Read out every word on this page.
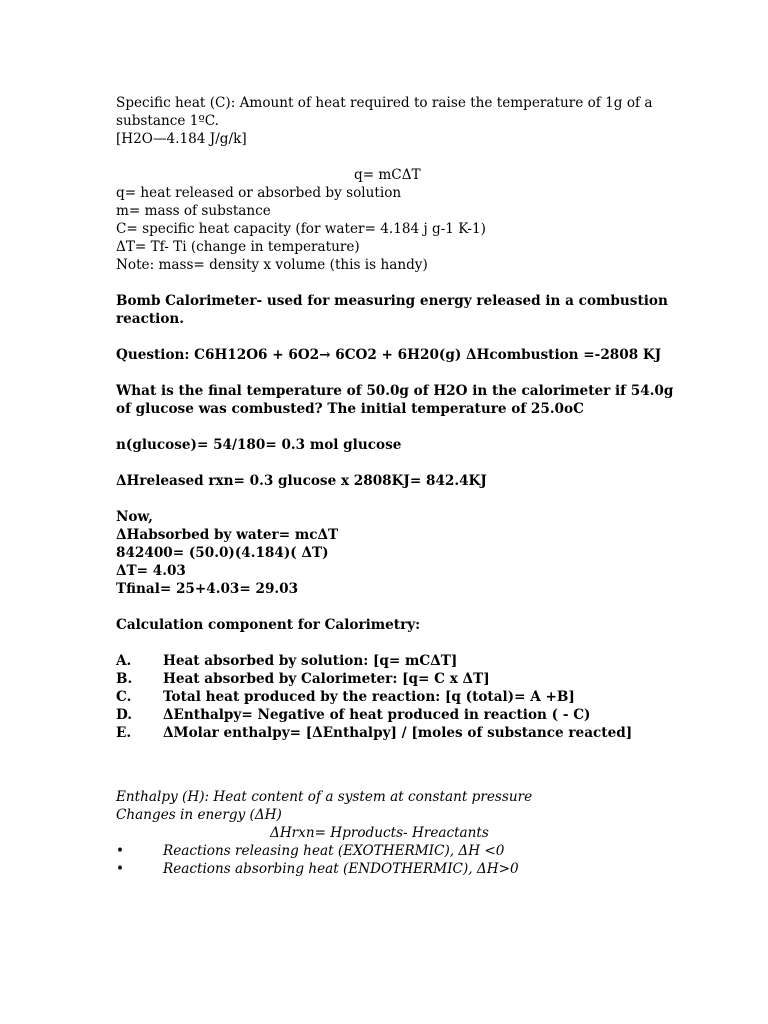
Specific heat (C): Amount of heat required to raise the temperature of 1g of a substance 1ºC.
[H2O—4.184 J/g/k]
q= mCΔT
q= heat released or absorbed by solution
m= mass of substance
C= specific heat capacity (for water= 4.184 j g-1 K-1)
ΔT= Tf- Ti (change in temperature)
Note: mass= density x volume (this is handy)
Bomb Calorimeter- used for measuring energy released in a combustion reaction.
Question: C6H12O6 + 6O2→ 6CO2 + 6H20(g) ΔHcombustion =-2808 KJ
What is the final temperature of 50.0g of H2O in the calorimeter if 54.0g of glucose was combusted? The initial temperature of 25.0oC
n(glucose)= 54/180= 0.3 mol glucose
ΔHreleased rxn= 0.3 glucose x 2808KJ= 842.4KJ
Now,
ΔHabsorbed by water= mcΔT
842400= (50.0)(4.184)( ΔT)
ΔT= 4.03
Tfinal= 25+4.03= 29.03
Calculation component for Calorimetry:
A.	Heat absorbed by solution: [q= mCΔT]
B.	Heat absorbed by Calorimeter: [q= C x ΔT]
C.	Total heat produced by the reaction: [q (total)= A +B]
D.	ΔEnthalpy= Negative of heat produced in reaction ( - C)
E.	ΔMolar enthalpy= [ΔEnthalpy] / [moles of substance reacted]
Enthalpy (H): Heat content of a system at constant pressure
Changes in energy (ΔH)
ΔHrxn= Hproducts- Hreactants
•	Reactions releasing heat (EXOTHERMIC), ΔH <0
•	Reactions absorbing heat (ENDOTHERMIC), ΔH>0
